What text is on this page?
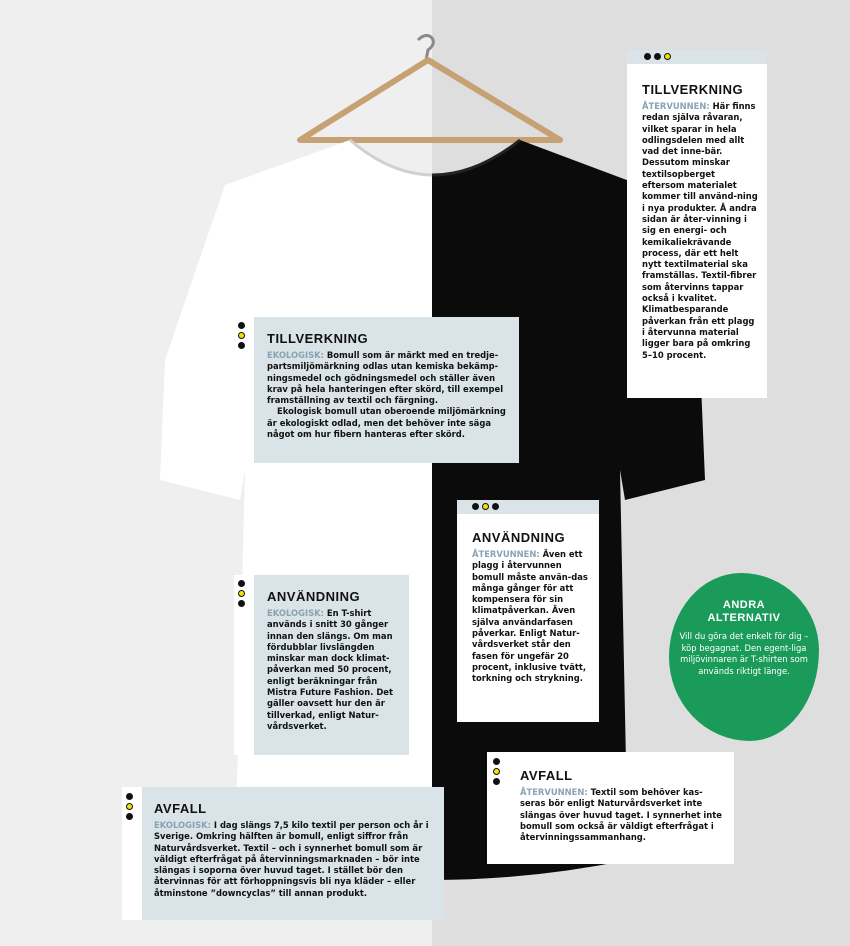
TILLVERKNING

EKOLOGISK: Bomull som är märkt med en tredje-partsmiljömärkning odlas utan kemiska bekämp-ningsmedel och gödningsmedel och ställer även krav på hela hanteringen efter skörd, till exempel framställning av textil och färgning.

Ekologisk bomull utan oberoende miljömärkning är ekologiskt odlad, men det behöver inte säga något om hur fibern hanteras efter skörd.

TILLVERKNING

ÅTERVUNNEN: Här finns redan själva råvaran, vilket sparar in hela odlingsdelen med allt vad det inne-bär. Dessutom minskar textilsopberget eftersom materialet kommer till använd-ning i nya produkter. Å andra sidan är åter-vinning i sig en energi- och kemikaliekrävande process, där ett helt nytt textilmaterial ska framställas. Textil-fibrer som återvinns tappar också i kvalitet. Klimatbesparande påverkan från ett plagg i återvunna material ligger bara på omkring 5–10 procent.

ANVÄNDNING

ÅTERVUNNEN: Även ett plagg i återvunnen bomull måste använ-das många gånger för att kompensera för sin klimatpåverkan. Även själva användarfasen påverkar. Enligt Natur-vårdsverket står den fasen för ungefär 20 procent, inklusive tvätt, torkning och strykning.

ANVÄNDNING

EKOLOGISK: En T-shirt används i snitt 30 gånger innan den slängs. Om man fördubblar livslängden minskar man dock klimat-påverkan med 50 procent, enligt beräkningar från Mistra Future Fashion. Det gäller oavsett hur den är tillverkad, enligt Natur-vårdsverket.

AVFALL

ÅTERVUNNEN: Textil som behöver kas-seras bör enligt Naturvårdsverket inte slängas över huvud taget. I synnerhet inte bomull som också är väldigt efterfrågat i återvinningssammanhang.

AVFALL

EKOLOGISK: I dag slängs 7,5 kilo textil per person och år i Sverige. Omkring hälften är bomull, enligt siffror från Naturvårdsverket. Textil – och i synnerhet bomull som är väldigt efterfrågat på återvinningsmarknaden – bör inte slängas i soporna över huvud taget. I stället bör den återvinnas för att förhoppningsvis bli nya kläder – eller åtminstone ”downcyclas” till annan produkt.

ANDRA
ALTERNATIV
Vill du göra det enkelt för dig – köp begagnat. Den egent-liga miljövinnaren är T-shirten som används riktigt länge.
